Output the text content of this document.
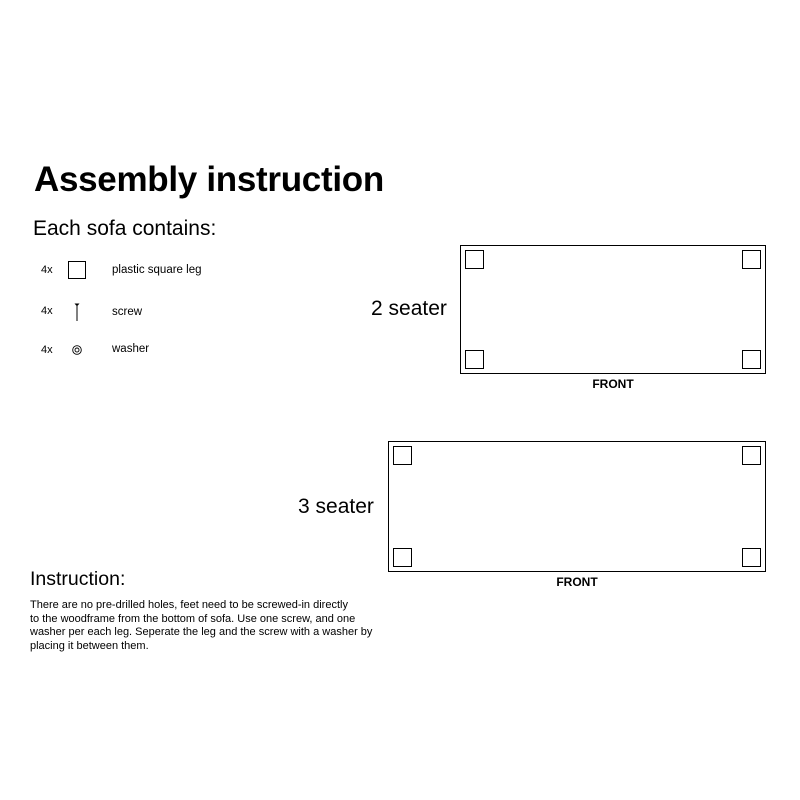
Assembly instruction
Each sofa contains:
4x	plastic square leg
4x	screw
4x	washer
2 seater
FRONT
3 seater
FRONT
Instruction:
There are no pre-drilled holes, feet need to be screwed-in directly
to the woodframe from the bottom of sofa. Use one screw, and one
washer per each leg. Seperate the leg and the screw with a washer by
placing it between them.
